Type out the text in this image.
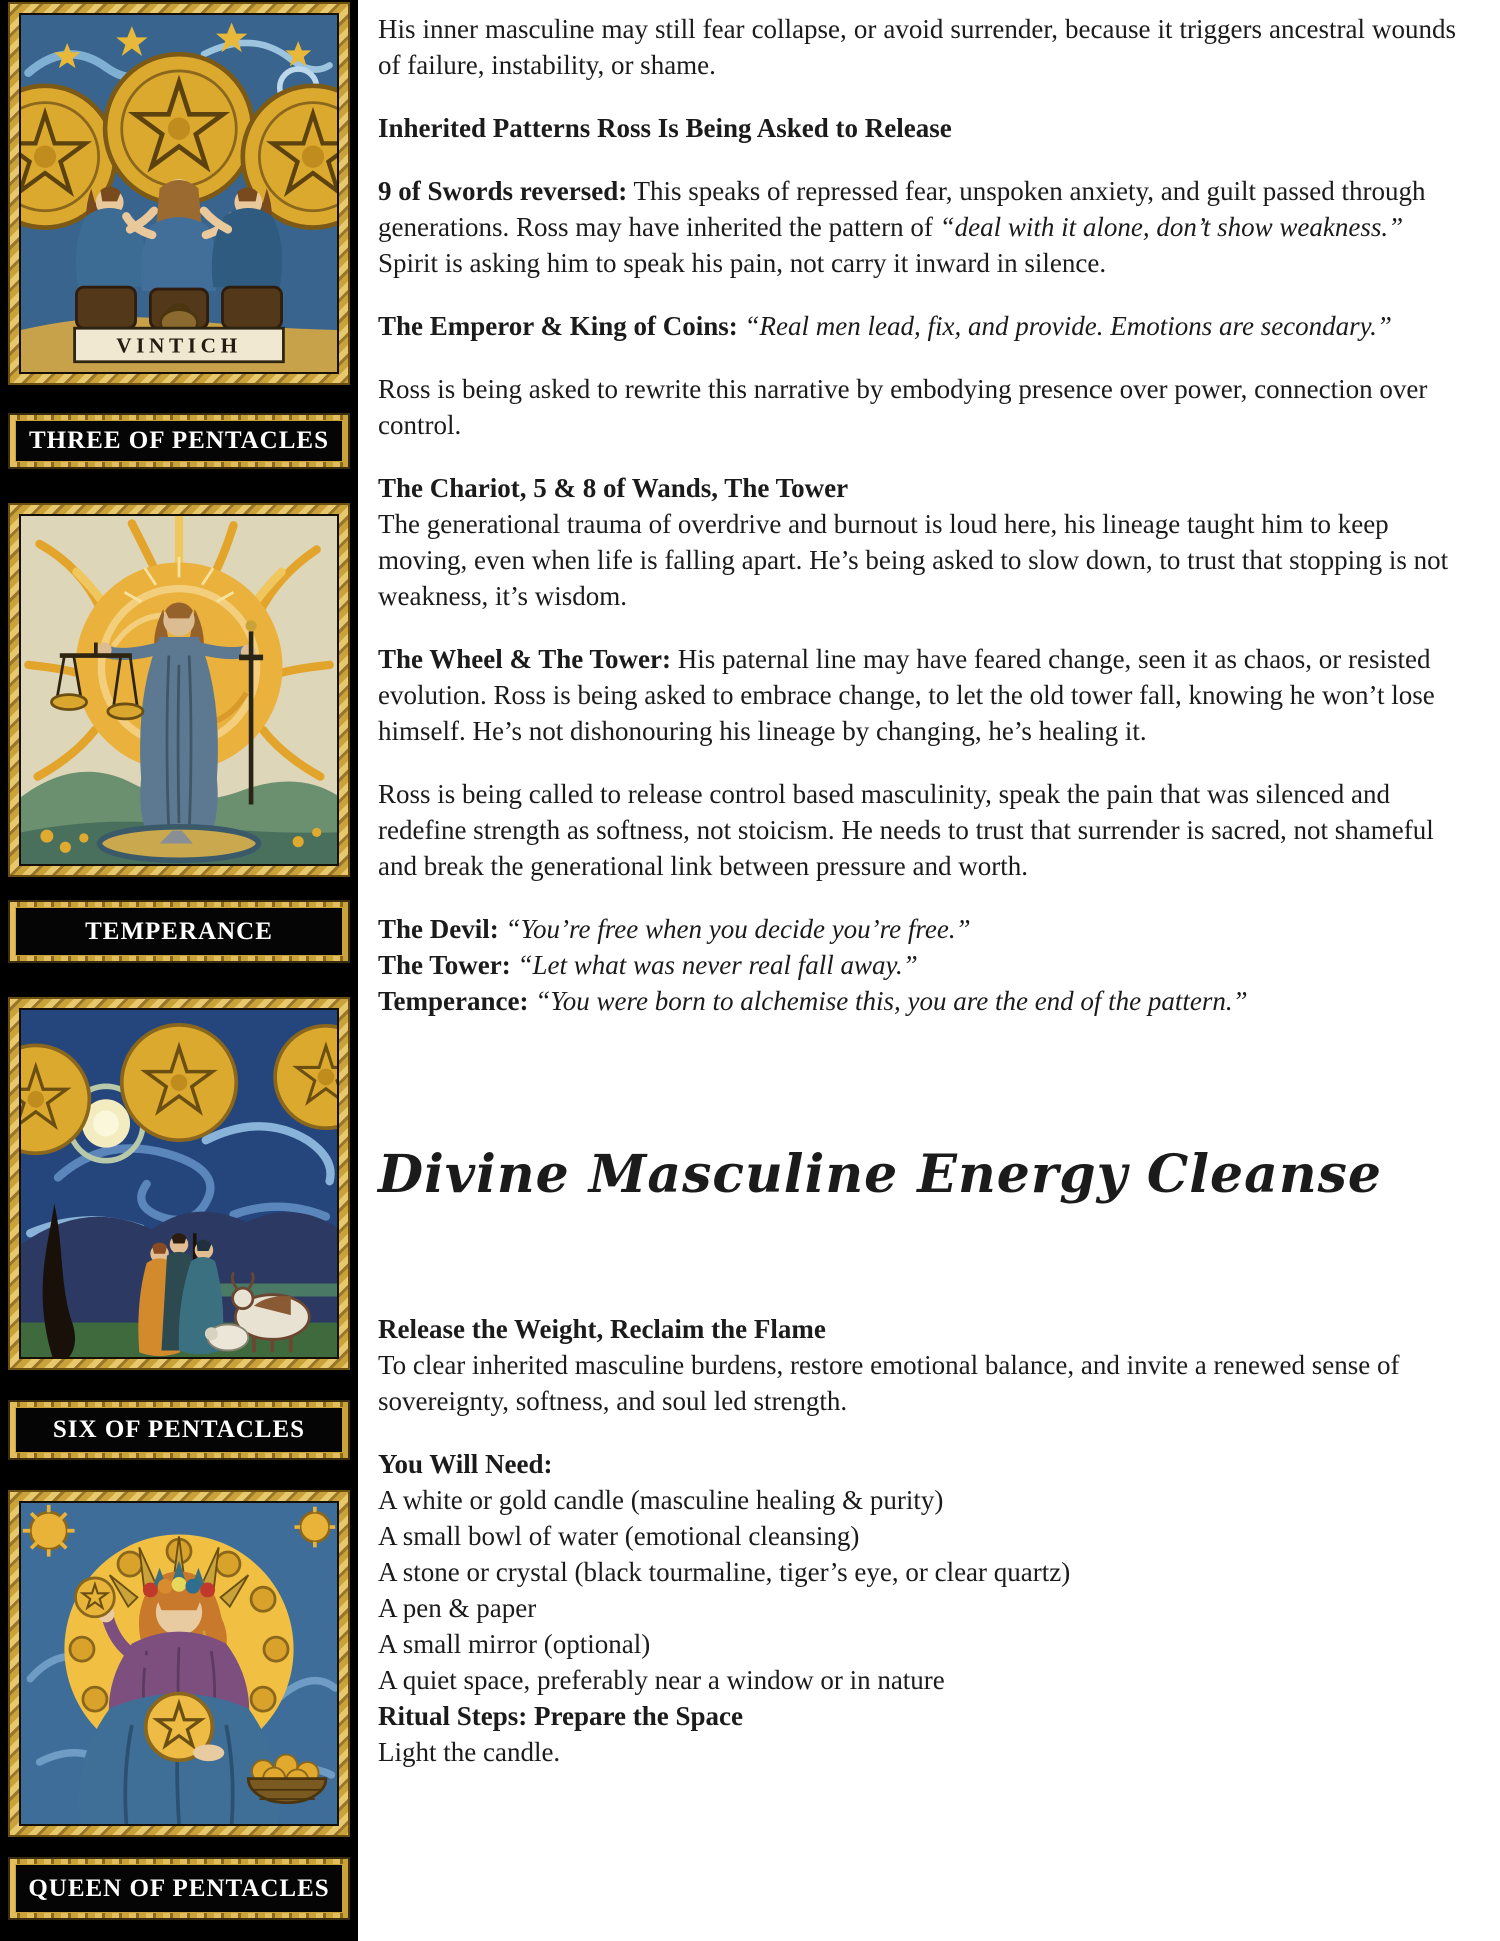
VINTICH
THREE OF PENTACLES
TEMPERANCE
SIX OF PENTACLES
QUEEN OF PENTACLES

His inner masculine may still fear collapse, or avoid surrender, because it triggers ancestral wounds of failure, instability, or shame.

Inherited Patterns Ross Is Being Asked to Release

9 of Swords reversed: This speaks of repressed fear, unspoken anxiety, and guilt passed through generations. Ross may have inherited the pattern of “deal with it alone, don’t show weakness.” Spirit is asking him to speak his pain, not carry it inward in silence.

The Emperor & King of Coins: “Real men lead, fix, and provide. Emotions are secondary.”

Ross is being asked to rewrite this narrative by embodying presence over power, connection over control.

The Chariot, 5 & 8 of Wands, The Tower
The generational trauma of overdrive and burnout is loud here, his lineage taught him to keep moving, even when life is falling apart. He’s being asked to slow down, to trust that stopping is not weakness, it’s wisdom.

The Wheel & The Tower: His paternal line may have feared change, seen it as chaos, or resisted evolution. Ross is being asked to embrace change, to let the old tower fall, knowing he won’t lose himself. He’s not dishonouring his lineage by changing, he’s healing it.

Ross is being called to release control based masculinity, speak the pain that was silenced and redefine strength as softness, not stoicism. He needs to trust that surrender is sacred, not shameful and break the generational link between pressure and worth.

The Devil: “You’re free when you decide you’re free.”

The Tower: “Let what was never real fall away.”

Temperance: “You were born to alchemise this, you are the end of the pattern.”

Divine Masculine Energy Cleanse

Release the Weight, Reclaim the Flame
To clear inherited masculine burdens, restore emotional balance, and invite a renewed sense of sovereignty, softness, and soul led strength.

You Will Need:

A white or gold candle (masculine healing & purity)
A small bowl of water (emotional cleansing)
A stone or crystal (black tourmaline, tiger’s eye, or clear quartz)
A pen & paper
A small mirror (optional)
A quiet space, preferably near a window or in nature

Ritual Steps: Prepare the Space
Light the candle.
